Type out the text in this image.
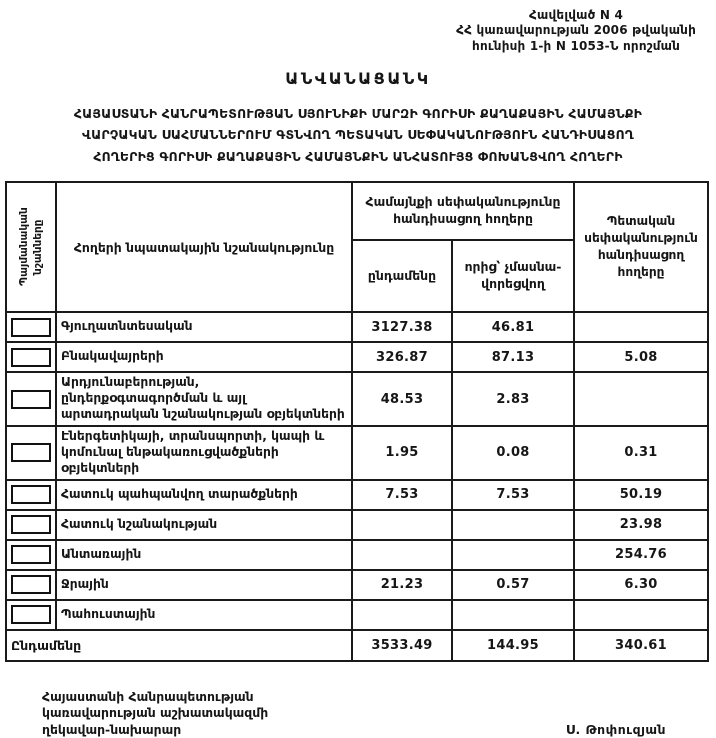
Հավելված N 4
ՀՀ կառավարության 2006 թվականի
հունիսի 1-ի N 1053-Ն որոշման
ԱՆՎԱՆԱՑԱՆԿ
ՀԱՅԱՍՏԱՆԻ ՀԱՆՐԱՊԵՏՈՒԹՅԱՆ ՍՅՈՒՆԻՔԻ ՄԱՐԶԻ ԳՈՐԻՍԻ ՔԱՂԱՔԱՅԻՆ ՀԱՄԱՅՆՔԻ
ՎԱՐՉԱԿԱՆ ՍԱՀՄԱՆՆԵՐՈՒՄ ԳՏՆՎՈՂ ՊԵՏԱԿԱՆ ՍԵՓԱԿԱՆՈՒԹՅՈՒՆ ՀԱՆԴԻՍԱՑՈՂ
ՀՈՂԵՐԻՑ ԳՈՐԻՍԻ ՔԱՂԱՔԱՅԻՆ ՀԱՄԱՅՆՔԻՆ ԱՆՀԱՏՈՒՅՑ ՓՈԽԱՆՑՎՈՂ ՀՈՂԵՐԻ
Պայմանական նշանները	Հողերի նպատակային նշանակությունը	Համայնքի սեփականությունը հանդիսացող հողերը		Պետական սեփականություն հանդիսացող հողերը
		ընդամենը	որից՝ չմասնա-
վորեցվող	

	Գյուղատնտեսական	3127.38	46.81	

	Բնակավայրերի	326.87	87.13	5.08

	Արդյունաբերության, ընդերքօգտագործման և այլ արտադրական նշանակության օբյեկտների	48.53	2.83	

	Էներգետիկայի, տրանսպորտի, կապի և կոմունալ ենթակառուցվածքների օբյեկտների	1.95	0.08	0.31

	Հատուկ պահպանվող տարածքների	7.53	7.53	50.19

	Հատուկ նշանակության			23.98

	Անտառային			254.76

	Ջրային	21.23	0.57	6.30

	Պահուստային			
Ընդամենը		3533.49	144.95	340.61
Հայաստանի Հանրապետության
կառավարության աշխատակազմի
ղեկավար-նախարար	Ս. Թոփուզյան
